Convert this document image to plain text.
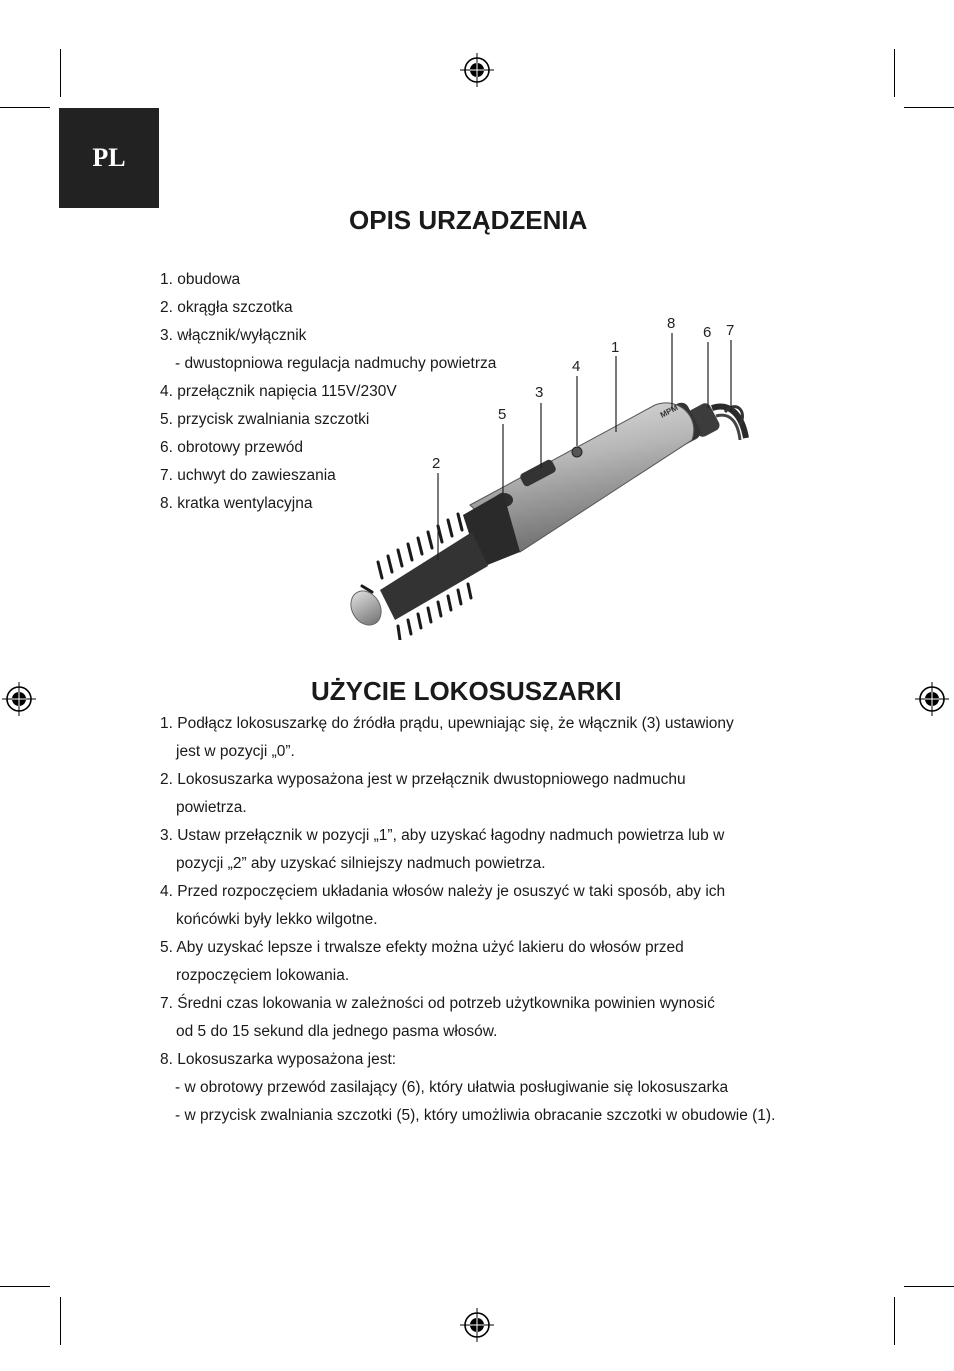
PL
OPIS URZĄDZENIA
1. obudowa
2. okrągła szczotka
3. włącznik/wyłącznik
- dwustopniowa regulacja nadmuchy powietrza
4. przełącznik napięcia 115V/230V
5. przycisk zwalniania szczotki
6. obrotowy przewód
7. uchwyt do zawieszania
8. kratka wentylacyjna
MPM
1
2
3
4
5
6 7
8
UŻYCIE LOKOSUSZARKI
1. Podłącz lokosuszarkę do źródła prądu, upewniając się, że włącznik (3) ustawiony
jest w pozycji „0”.
2. Lokosuszarka wyposażona jest w przełącznik dwustopniowego nadmuchu
powietrza.
3. Ustaw przełącznik w pozycji „1”, aby uzyskać łagodny nadmuch powietrza lub w
pozycji „2” aby uzyskać silniejszy nadmuch powietrza.
4. Przed rozpoczęciem układania włosów należy je osuszyć w taki sposób, aby ich
końcówki były lekko wilgotne.
5. Aby uzyskać lepsze i trwalsze efekty można użyć lakieru do włosów przed
rozpoczęciem lokowania.
7. Średni czas lokowania w zależności od potrzeb użytkownika powinien wynosić
od 5 do 15 sekund dla jednego pasma włosów.
8. Lokosuszarka wyposażona jest:
- w obrotowy przewód zasilający (6), który ułatwia posługiwanie się lokosuszarka
- w przycisk zwalniania szczotki (5), który umożliwia obracanie szczotki w obudowie (1).
